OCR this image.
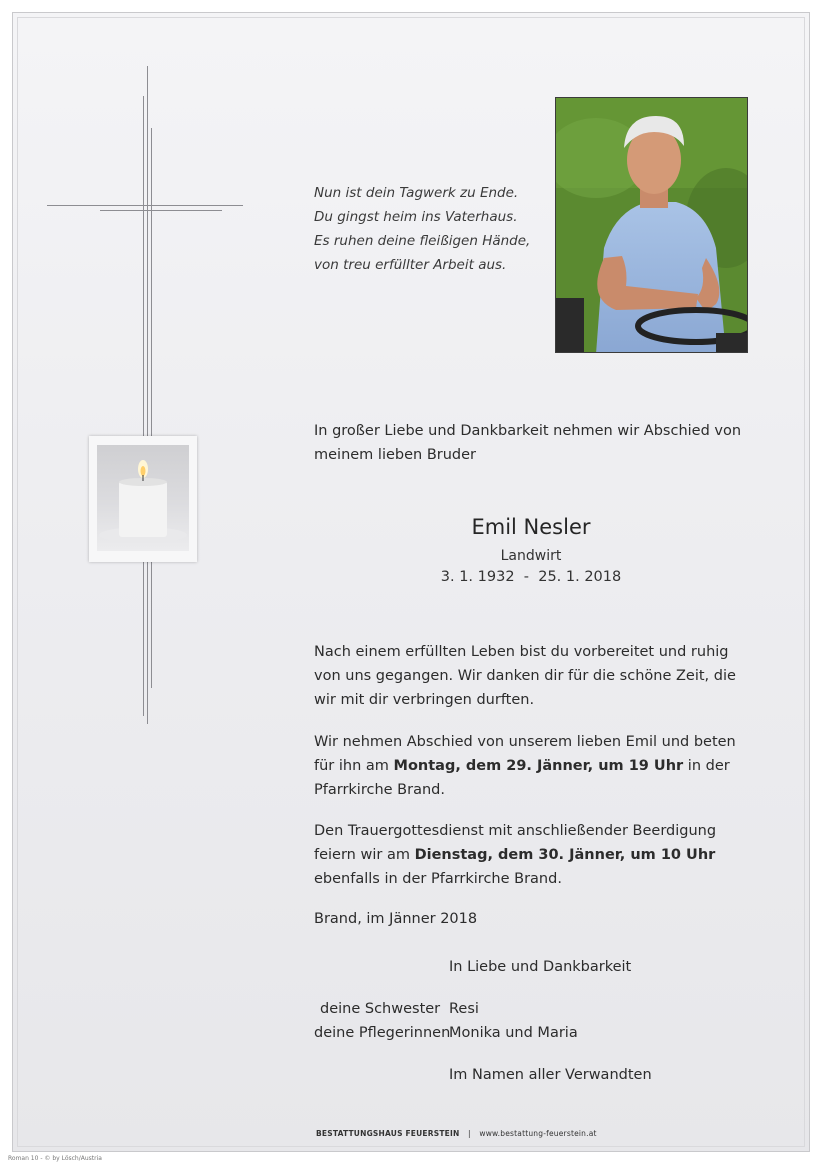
Nun ist dein Tagwerk zu Ende.
Du gingst heim ins Vaterhaus.
Es ruhen deine fleißigen Hände,
von treu erfüllter Arbeit aus.
In großer Liebe und Dankbarkeit nehmen wir Abschied von meinem lieben Bruder
Emil Nesler
Landwirt
3. 1. 1932 - 25. 1. 2018
Nach einem erfüllten Leben bist du vorbereitet und ruhig von uns gegangen. Wir danken dir für die schöne Zeit, die wir mit dir verbringen durften.
Wir nehmen Abschied von unserem lieben Emil und beten für ihn am Montag, dem 29. Jänner, um 19 Uhr in der Pfarrkirche Brand.
Den Trauergottesdienst mit anschließender Beerdigung feiern wir am Dienstag, dem 30. Jänner, um 10 Uhr ebenfalls in der Pfarrkirche Brand.
Brand, im Jänner 2018
In Liebe und Dankbarkeit
deine Schwester Resi
deine Pflegerinnen
Monika und Maria
Im Namen aller Verwandten
BESTATTUNGSHAUS FEUERSTEIN | www.bestattung-feuerstein.at
Roman 10 - © by Lösch/Austria
